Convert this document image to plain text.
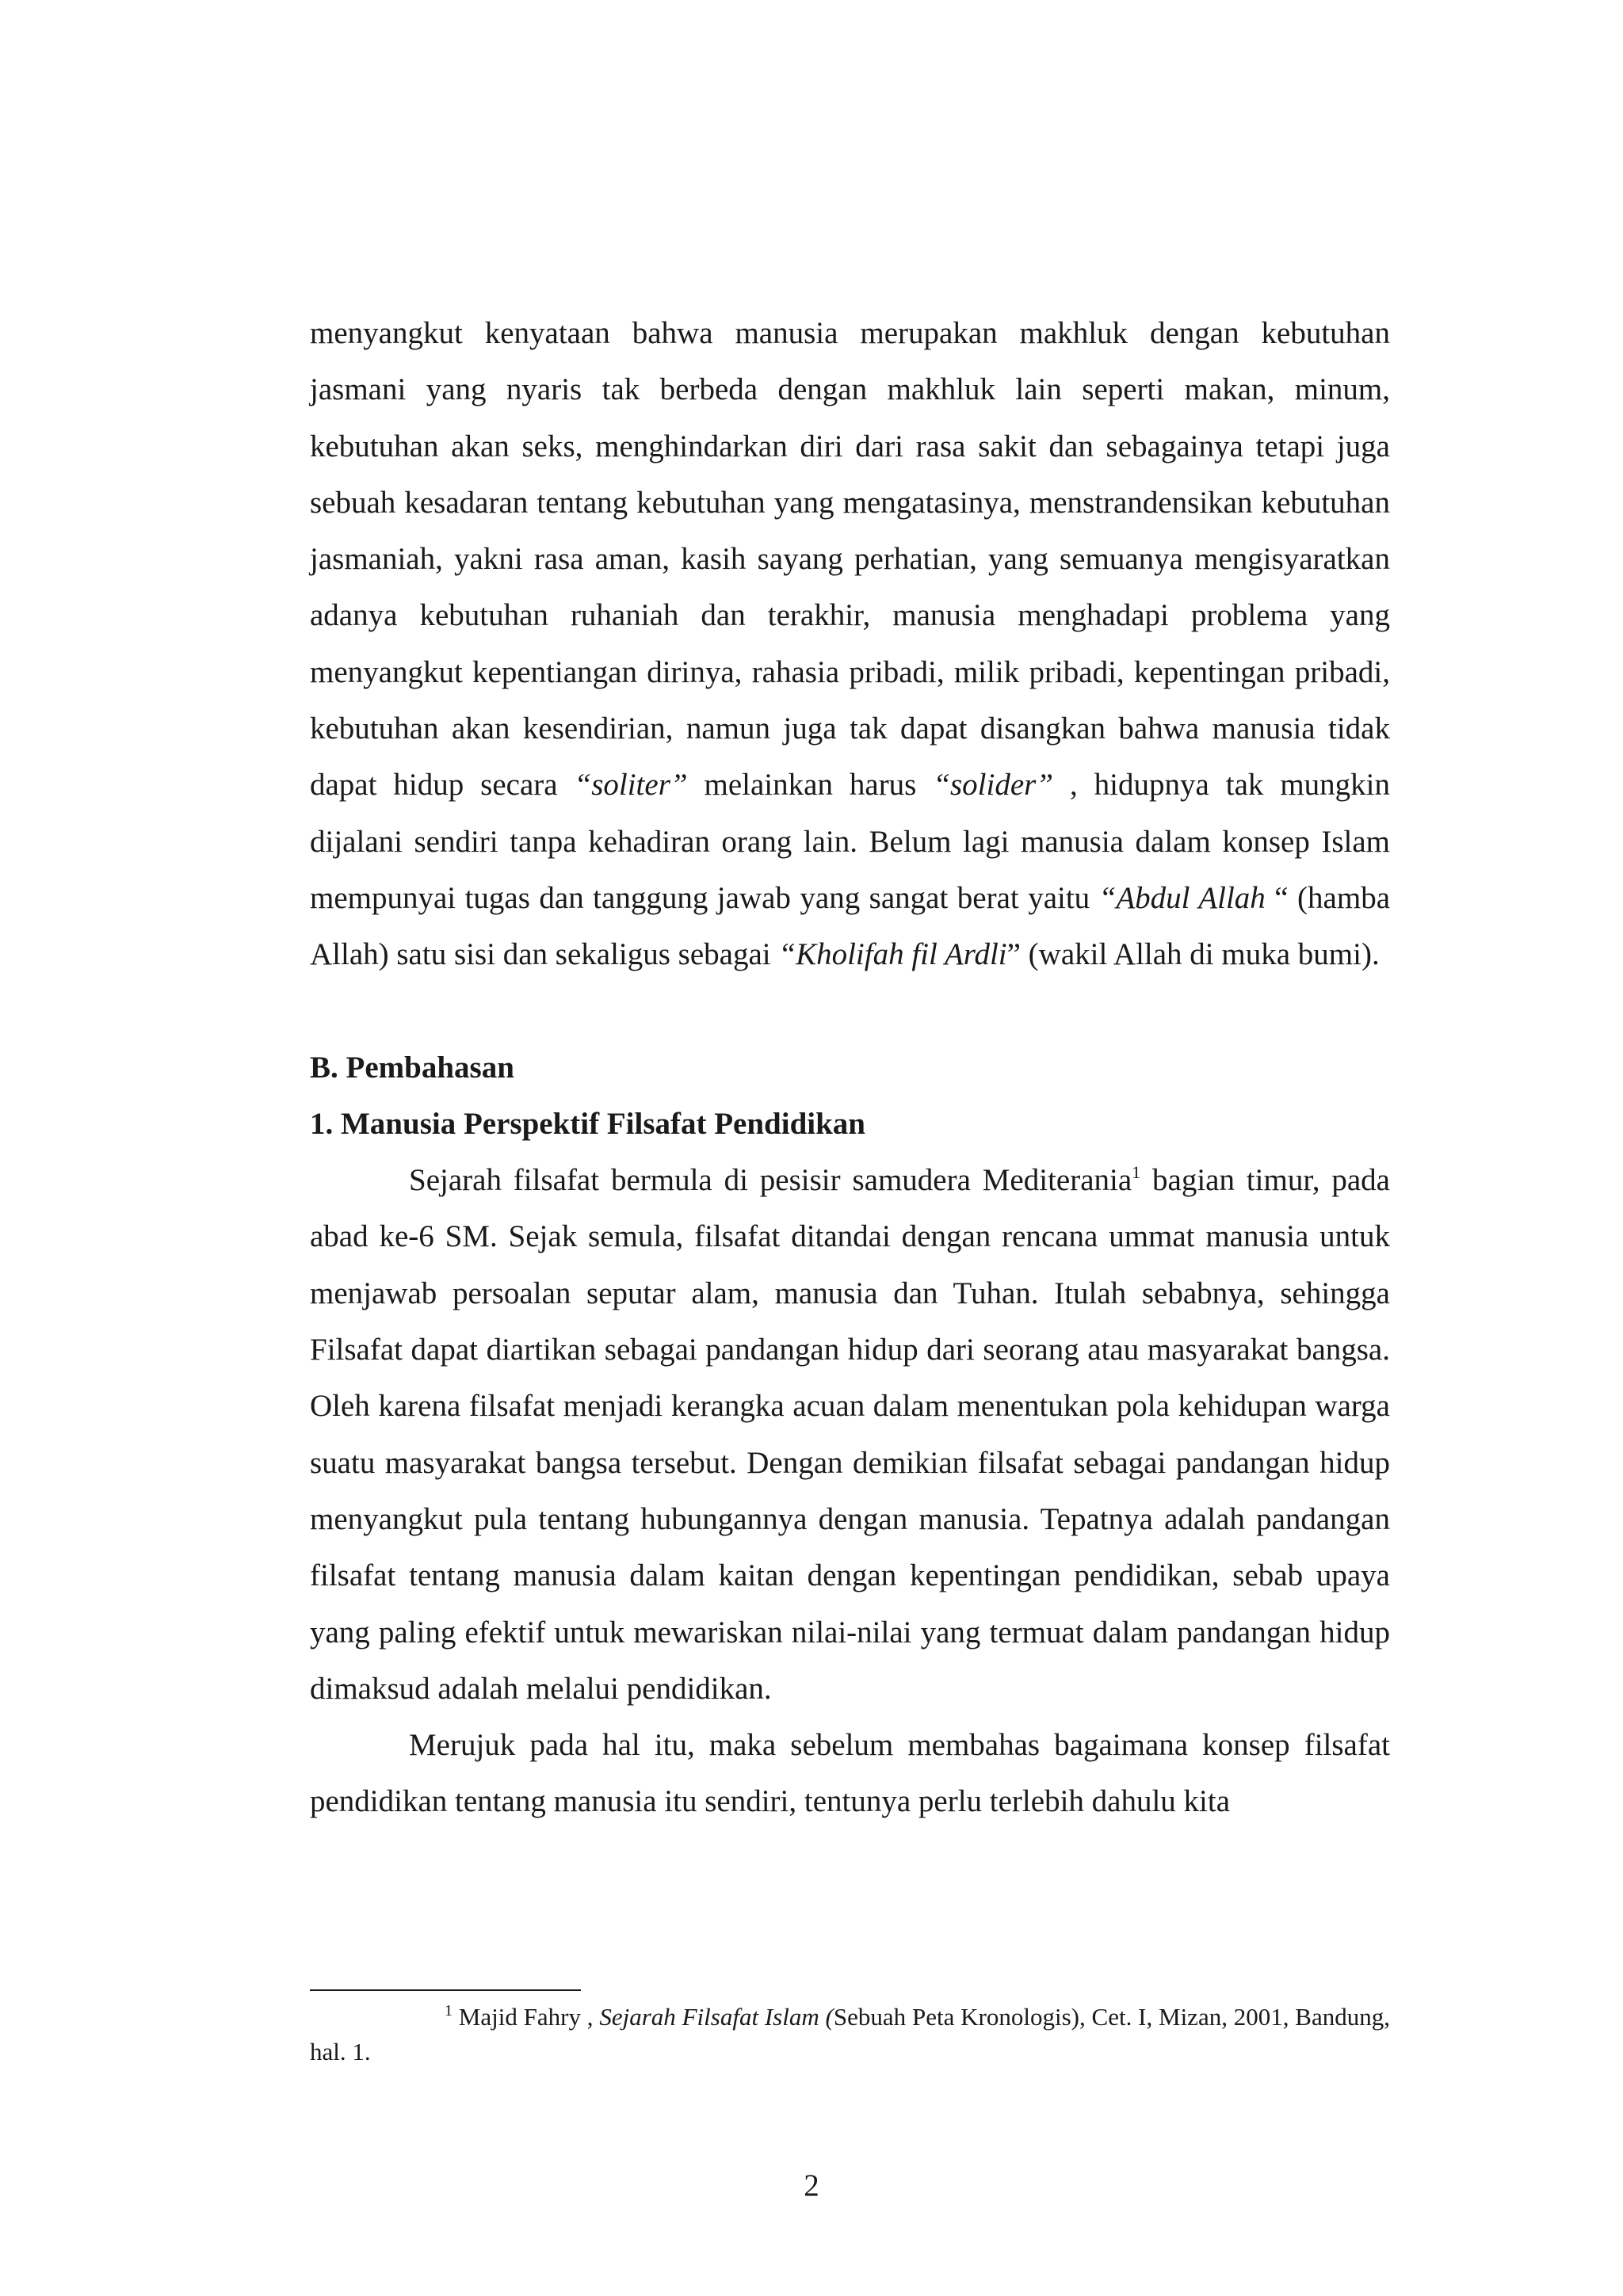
menyangkut kenyataan bahwa manusia merupakan makhluk dengan kebutuhan jasmani yang nyaris tak berbeda dengan makhluk lain seperti makan, minum, kebutuhan akan seks, menghindarkan diri dari rasa sakit dan sebagainya tetapi juga sebuah kesadaran tentang kebutuhan yang mengatasinya, menstrandensikan kebutuhan jasmaniah, yakni rasa aman, kasih sayang perhatian, yang semuanya mengisyaratkan adanya kebutuhan ruhaniah dan terakhir, manusia menghadapi problema yang menyangkut kepentiangan dirinya, rahasia pribadi, milik pribadi, kepentingan pribadi, kebutuhan akan kesendirian, namun juga tak dapat disangkan bahwa manusia tidak dapat hidup secara “soliter” melainkan harus “solider” , hidupnya tak mungkin dijalani sendiri tanpa kehadiran orang lain. Belum lagi manusia dalam konsep Islam mempunyai tugas dan tanggung jawab yang sangat berat yaitu “Abdul Allah “ (hamba Allah) satu sisi dan sekaligus sebagai “Kholifah fil Ardli” (wakil Allah di muka bumi).

B. Pembahasan

1. Manusia Perspektif Filsafat Pendidikan

Sejarah filsafat bermula di pesisir samudera Mediterania$^1$ bagian timur, pada abad ke-6 SM. Sejak semula, filsafat ditandai dengan rencana ummat manusia untuk menjawab persoalan seputar alam, manusia dan Tuhan. Itulah sebabnya, sehingga Filsafat dapat diartikan sebagai pandangan hidup dari seorang atau masyarakat bangsa. Oleh karena filsafat menjadi kerangka acuan dalam menentukan pola kehidupan warga suatu masyarakat bangsa tersebut. Dengan demikian filsafat sebagai pandangan hidup menyangkut pula tentang hubungannya dengan manusia. Tepatnya adalah pandangan filsafat tentang manusia dalam kaitan dengan kepentingan pendidikan, sebab upaya yang paling efektif untuk mewariskan nilai-nilai yang termuat dalam pandangan hidup dimaksud adalah melalui pendidikan.

Merujuk pada hal itu, maka sebelum membahas bagaimana konsep filsafat pendidikan tentang manusia itu sendiri, tentunya perlu terlebih dahulu kita

$^1$ Majid Fahry , Sejarah Filsafat Islam (Sebuah Peta Kronologis), Cet. I, Mizan, 2001, Bandung, hal. 1.

2
